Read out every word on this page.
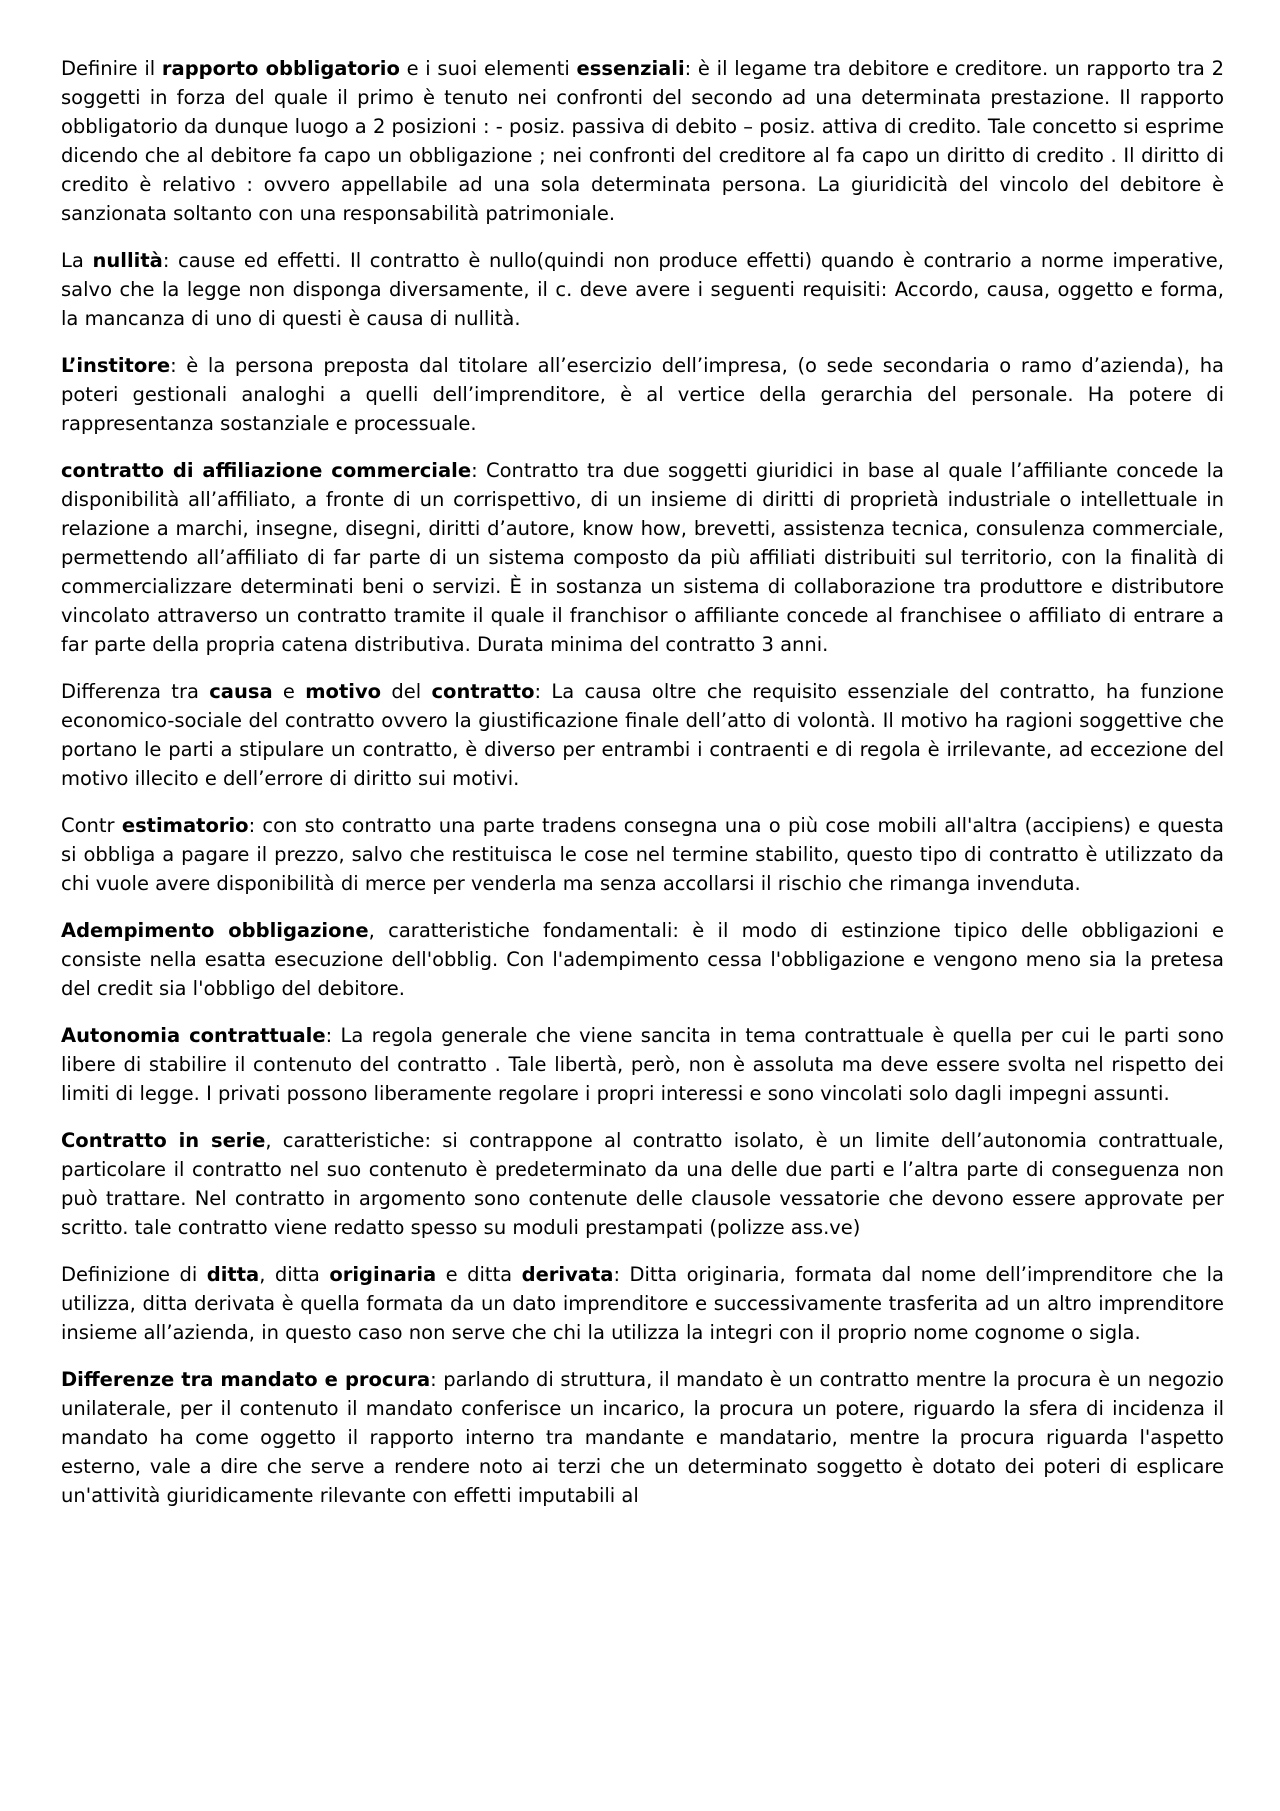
Definire il rapporto obbligatorio e i suoi elementi essenziali: è il legame tra debitore e creditore. un rapporto tra 2 soggetti in forza del quale il primo è tenuto nei confronti del secondo ad una determinata prestazione. Il rapporto obbligatorio da dunque luogo a 2 posizioni : - posiz. passiva di debito – posiz. attiva di credito. Tale concetto si esprime dicendo che al debitore fa capo un obbligazione ; nei confronti del creditore al fa capo un diritto di credito . Il diritto di credito è relativo : ovvero appellabile ad una sola determinata persona. La giuridicità del vincolo del debitore è sanzionata soltanto con una responsabilità patrimoniale.

La nullità: cause ed effetti. Il contratto è nullo(quindi non produce effetti) quando è contrario a norme imperative, salvo che la legge non disponga diversamente, il c. deve avere i seguenti requisiti: Accordo, causa, oggetto e forma, la mancanza di uno di questi è causa di nullità.

L’institore: è la persona preposta dal titolare all’esercizio dell’impresa, (o sede secondaria o ramo d’azienda), ha poteri gestionali analoghi a quelli dell’imprenditore, è al vertice della gerarchia del personale. Ha potere di rappresentanza sostanziale e processuale.

contratto di affiliazione commerciale: Contratto tra due soggetti giuridici in base al quale l’affiliante concede la disponibilità all’affiliato, a fronte di un corrispettivo, di un insieme di diritti di proprietà industriale o intellettuale in relazione a marchi, insegne, disegni, diritti d’autore, know how, brevetti, assistenza tecnica, consulenza commerciale, permettendo all’affiliato di far parte di un sistema composto da più affiliati distribuiti sul territorio, con la finalità di commercializzare determinati beni o servizi. È in sostanza un sistema di collaborazione tra produttore e distributore vincolato attraverso un contratto tramite il quale il franchisor o affiliante concede al franchisee o affiliato di entrare a far parte della propria catena distributiva. Durata minima del contratto 3 anni.

Differenza tra causa e motivo del contratto: La causa oltre che requisito essenziale del contratto, ha funzione economico-sociale del contratto ovvero la giustificazione finale dell’atto di volontà. Il motivo ha ragioni soggettive che portano le parti a stipulare un contratto, è diverso per entrambi i contraenti e di regola è irrilevante, ad eccezione del motivo illecito e dell’errore di diritto sui motivi.

Contr estimatorio: con sto contratto una parte tradens consegna una o più cose mobili all'altra (accipiens) e questa si obbliga a pagare il prezzo, salvo che restituisca le cose nel termine stabilito, questo tipo di contratto è utilizzato da chi vuole avere disponibilità di merce per venderla ma senza accollarsi il rischio che rimanga invenduta.

Adempimento obbligazione, caratteristiche fondamentali: è il modo di estinzione tipico delle obbligazioni e consiste nella esatta esecuzione dell'obblig. Con l'adempimento cessa l'obbligazione e vengono meno sia la pretesa del credit sia l'obbligo del debitore.

Autonomia contrattuale: La regola generale che viene sancita in tema contrattuale è quella per cui le parti sono libere di stabilire il contenuto del contratto . Tale libertà, però, non è assoluta ma deve essere svolta nel rispetto dei limiti di legge. I privati possono liberamente regolare i propri interessi e sono vincolati solo dagli impegni assunti.

Contratto in serie, caratteristiche: si contrappone al contratto isolato, è un limite dell’autonomia contrattuale, particolare il contratto nel suo contenuto è predeterminato da una delle due parti e l’altra parte di conseguenza non può trattare. Nel contratto in argomento sono contenute delle clausole vessatorie che devono essere approvate per scritto. tale contratto viene redatto spesso su moduli prestampati (polizze ass.ve)

Definizione di ditta, ditta originaria e ditta derivata: Ditta originaria, formata dal nome dell’imprenditore che la utilizza, ditta derivata è quella formata da un dato imprenditore e successivamente trasferita ad un altro imprenditore insieme all’azienda, in questo caso non serve che chi la utilizza la integri con il proprio nome cognome o sigla.

Differenze tra mandato e procura: parlando di struttura, il mandato è un contratto mentre la procura è un negozio unilaterale, per il contenuto il mandato conferisce un incarico, la procura un potere, riguardo la sfera di incidenza il mandato ha come oggetto il rapporto interno tra mandante e mandatario, mentre la procura riguarda l'aspetto esterno, vale a dire che serve a rendere noto ai terzi che un determinato soggetto è dotato dei poteri di esplicare un'attività giuridicamente rilevante con effetti imputabili al
